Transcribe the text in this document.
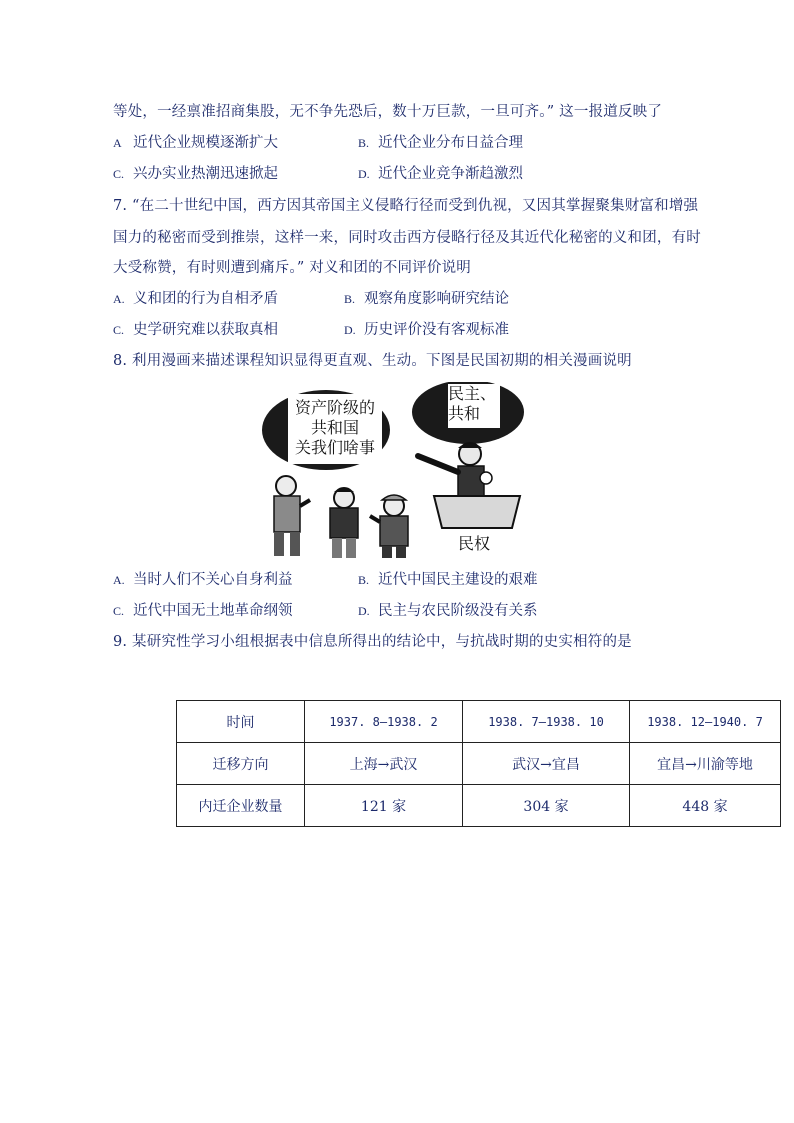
等处，一经禀准招商集股，无不争先恐后，数十万巨款，一旦可齐。” 这一报道反映了
A 近代企业规模逐渐扩大	B. 近代企业分布日益合理
C. 兴办实业热潮迅速掀起	D. 近代企业竞争渐趋激烈
7. “在二十世纪中国，西方因其帝国主义侵略行径而受到仇视，又因其掌握聚集财富和增强
国力的秘密而受到推崇，这样一来，同时攻击西方侵略行径及其近代化秘密的义和团，有时
大受称赞，有时则遭到痛斥。” 对义和团的不同评价说明
A. 义和团的行为自相矛盾	B. 观察角度影响研究结论
C. 史学研究难以获取真相	D. 历史评价没有客观标准
8. 利用漫画来描述课程知识显得更直观、生动。下图是民国初期的相关漫画说明
资产阶级的
共和国
关我们啥事
民主、
共和
民权
A. 当时人们不关心自身利益	B. 近代中国民主建设的艰难
C. 近代中国无土地革命纲领	D. 民主与农民阶级没有关系
9. 某研究性学习小组根据表中信息所得出的结论中，与抗战时期的史实相符的是
时间	1937. 8—1938. 2	1938. 7—1938. 10	1938. 12—1940. 7
迁移方向	上海→武汉	武汉→宜昌	宜昌→川渝等地
内迁企业数量	121 家	304 家	448 家
